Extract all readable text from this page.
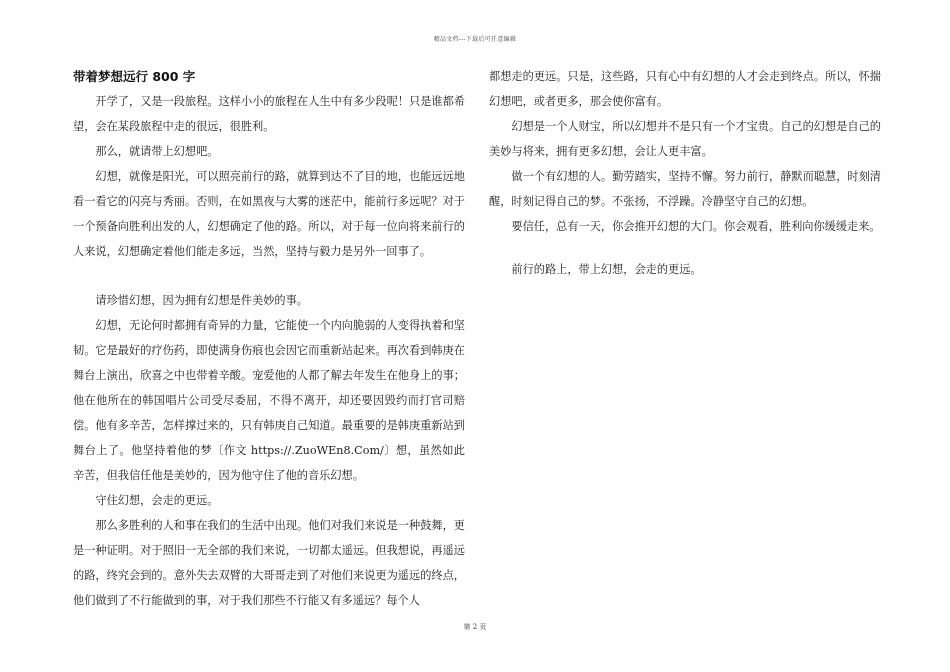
精品文档---下载后可任意编辑
带着梦想远行 800 字

开学了，又是一段旅程。这样小小的旅程在人生中有多少段呢！只是谁都希望，会在某段旅程中走的很远，很胜利。

那么，就请带上幻想吧。

幻想，就像是阳光，可以照亮前行的路，就算到达不了目的地，也能远远地看一看它的闪亮与秀丽。否则，在如黑夜与大雾的迷茫中，能前行多远呢？对于一个预备向胜利出发的人，幻想确定了他的路。所以，对于每一位向将来前行的人来说，幻想确定着他们能走多远，当然，坚持与毅力是另外一回事了。

请珍惜幻想，因为拥有幻想是件美妙的事。

幻想，无论何时都拥有奇异的力量，它能使一个内向脆弱的人变得执着和坚韧。它是最好的疗伤药，即使满身伤痕也会因它而重新站起来。再次看到韩庚在舞台上演出，欣喜之中也带着辛酸。宠爱他的人都了解去年发生在他身上的事；他在他所在的韩国唱片公司受尽委屈，不得不离开，却还要因毁约而打官司赔偿。他有多辛苦，怎样撑过来的，只有韩庚自己知道。最重要的是韩庚重新站到舞台上了。他坚持着他的梦〔作文 https://.ZuoWEn8.Com/〕想，虽然如此辛苦，但我信任他是美妙的，因为他守住了他的音乐幻想。

守住幻想，会走的更远。

那么多胜利的人和事在我们的生活中出现。他们对我们来说是一种鼓舞，更是一种证明。对于照旧一无全部的我们来说，一切都太遥远。但我想说，再遥远的路，终究会到的。意外失去双臂的大哥哥走到了对他们来说更为遥远的终点，他们做到了不行能做到的事，对于我们那些不行能又有多遥远？每个人

都想走的更远。只是，这些路，只有心中有幻想的人才会走到终点。所以，怀揣幻想吧，或者更多，那会使你富有。

幻想是一个人财宝，所以幻想并不是只有一个才宝贵。自己的幻想是自己的美妙与将来，拥有更多幻想，会让人更丰富。

做一个有幻想的人。勤劳踏实，坚持不懈。努力前行，静默而聪慧，时刻清醒，时刻记得自己的梦。不张扬，不浮躁。冷静坚守自己的幻想。

要信任，总有一天，你会推开幻想的大门。你会观看，胜利向你缓缓走来。

前行的路上，带上幻想，会走的更远。

第 2 页
